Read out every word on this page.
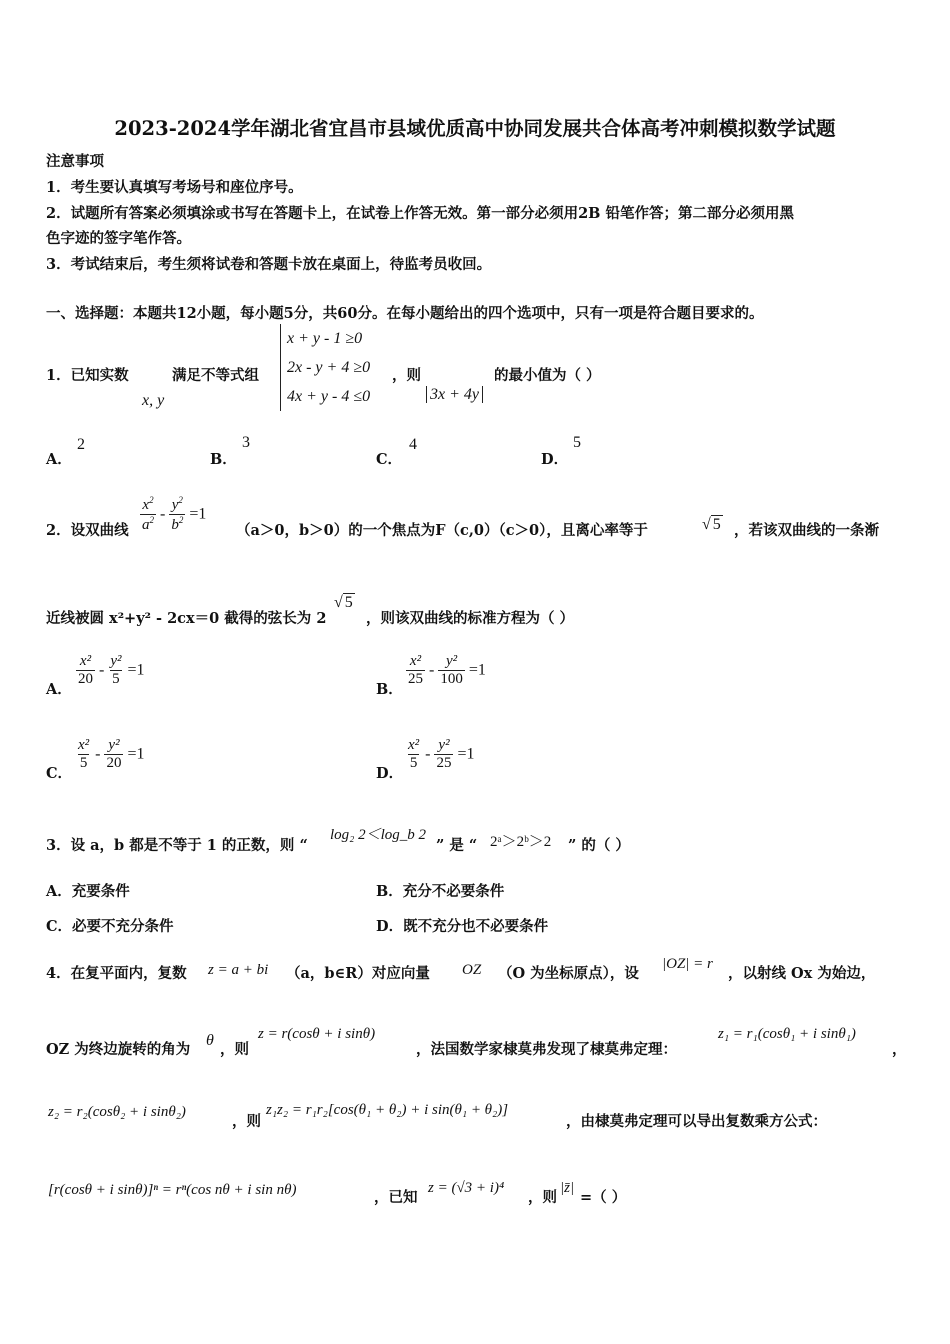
2023-2024学年湖北省宜昌市县域优质高中协同发展共合体高考冲刺模拟数学试题
注意事项
1．考生要认真填写考场号和座位序号。
2．试题所有答案必须填涂或书写在答题卡上，在试卷上作答无效。第一部分必须用2B 铅笔作答；第二部分必须用黑
色字迹的签字笔作答。
3．考试结束后，考生须将试卷和答题卡放在桌面上，待监考员收回。
一、选择题：本题共12小题，每小题5分，共60分。在每小题给出的四个选项中，只有一项是符合题目要求的。
1．已知实数	满足不等式组
x, y
x + y - 1 ≥0
2x - y + 4 ≥0
4x + y - 4 ≤0
，则
3x + 4y
的最小值为（ ）
A．
2
B．
3
C．
4
D．
5
2．设双曲线 $\frac{x^2}{a^2} - \frac{y^2}{b^2} =1$
（a＞0，b＞0）的一个焦点为F（c,0）（c＞0），且离心率等于	√ 5 ，若该双曲线的一条渐
近线被圆 x²+y² - 2cx＝0 截得的弦长为 2
√ 5
，则该双曲线的标准方程为（ ）
A．
$\frac{\text{x²}}{20} - \frac{\text{y²}}{5} =1$
B．
$\frac{\text{x²}}{25} - \frac{\text{y²}}{100} =1$
C．
$\frac{\text{x²}}{5} - \frac{\text{y²}}{20} =1$
D．
$\frac{\text{x²}}{5} - \frac{\text{y²}}{25} =1$
3．设 a，b 都是不等于 1 的正数，则 “
log₂ 2＜log_b 2
” 是 “ 2ᵃ＞2ᵇ＞2 ” 的（ ）
A．充要条件	B．充分不必要条件
C．必要不充分条件	D．既不充分也不必要条件
4．在复平面内，复数 z = a + bi （a，b∈R）对应向量 OZ （O 为坐标原点），设
|OZ| = r
，以射线 Ox 为始边，
OZ 为终边旋转的角为
θ
，则
z = r(cosθ + i sinθ)
，法国数学家棣莫弗发现了棣莫弗定理：
z₁ = r₁(cosθ₁ + i sinθ₁)
，
z₂ = r₂(cosθ₂ + i sinθ₂)
，则
z₁z₂ = r₁r₂[cos(θ₁ + θ₂) + i sin(θ₁ + θ₂)]
，由棣莫弗定理可以导出复数乘方公式：
[r(cosθ + i sinθ)]ⁿ = rⁿ(cos nθ + i sin nθ)	，已知
z = (√3 + i)⁴
，则
|z̄|
=（ ）
